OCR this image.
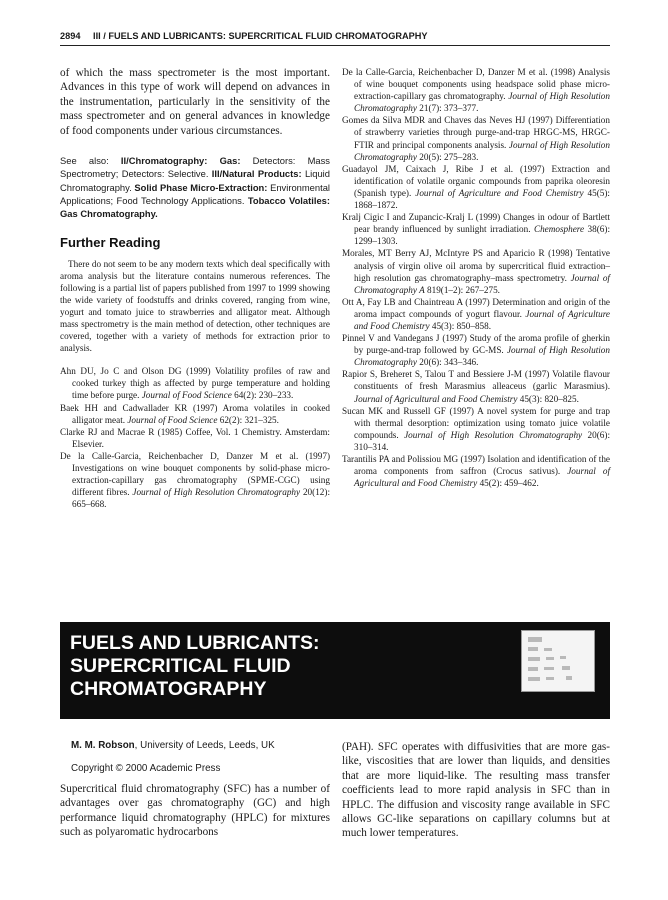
2894 III / FUELS AND LUBRICANTS: SUPERCRITICAL FLUID CHROMATOGRAPHY

of which the mass spectrometer is the most important. Advances in this type of work will depend on advances in the instrumentation, particularly in the sensitivity of the mass spectrometer and on general advances in knowledge of food components under various circumstances.

See also: II/Chromatography: Gas: Detectors: Mass Spectrometry; Detectors: Selective. III/Natural Products: Liquid Chromatography. Solid Phase Micro-Extraction: Environmental Applications; Food Technology Applications. Tobacco Volatiles: Gas Chromatography.
Further Reading

There do not seem to be any modern texts which deal specifically with aroma analysis but the literature contains numerous references. The following is a partial list of papers published from 1997 to 1999 showing the wide variety of foodstuffs and drinks covered, ranging from wine, yogurt and tomato juice to strawberries and alligator meat. Although mass spectrometry is the main method of detection, other techniques are covered, together with a variety of methods for extraction prior to analysis.

Ahn DU, Jo C and Olson DG (1999) Volatility profiles of raw and cooked turkey thigh as affected by purge temperature and holding time before purge. Journal of Food Science 64(2): 230–233.
Baek HH and Cadwallader KR (1997) Aroma volatiles in cooked alligator meat. Journal of Food Science 62(2): 321–325.
Clarke RJ and Macrae R (1985) Coffee, Vol. 1 Chemistry. Amsterdam: Elsevier.
De la Calle-Garcia, Reichenbacher D, Danzer M et al. (1997) Investigations on wine bouquet components by solid-phase micro-extraction-capillary gas chromatography (SPME-CGC) using different fibres. Journal of High Resolution Chromatography 20(12): 665–668.
De la Calle-Garcia, Reichenbacher D, Danzer M et al. (1998) Analysis of wine bouquet components using headspace solid phase micro-extraction-capillary gas chromatography. Journal of High Resolution Chromatography 21(7): 373–377.
Gomes da Silva MDR and Chaves das Neves HJ (1997) Differentiation of strawberry varieties through purge-and-trap HRGC-MS, HRGC-FTIR and principal components analysis. Journal of High Resolution Chromatography 20(5): 275–283.
Guadayol JM, Caixach J, Ribe J et al. (1997) Extraction and identification of volatile organic compounds from paprika oleoresin (Spanish type). Journal of Agriculture and Food Chemistry 45(5): 1868–1872.
Kralj Cigic I and Zupancic-Kralj L (1999) Changes in odour of Bartlett pear brandy influenced by sunlight irradiation. Chemosphere 38(6): 1299–1303.
Morales, MT Berry AJ, McIntyre PS and Aparicio R (1998) Tentative analysis of virgin olive oil aroma by supercritical fluid extraction–high resolution gas chromatography–mass spectrometry. Journal of Chromatography A 819(1–2): 267–275.
Ott A, Fay LB and Chaintreau A (1997) Determination and origin of the aroma impact compounds of yogurt flavour. Journal of Agriculture and Food Chemistry 45(3): 850–858.
Pinnel V and Vandegans J (1997) Study of the aroma profile of gherkin by purge-and-trap followed by GC-MS. Journal of High Resolution Chromatography 20(6): 343–346.
Rapior S, Breheret S, Talou T and Bessiere J-M (1997) Volatile flavour constituents of fresh Marasmius alleaceus (garlic Marasmius). Journal of Agricultural and Food Chemistry 45(3): 820–825.
Sucan MK and Russell GF (1997) A novel system for purge and trap with thermal desorption: optimization using tomato juice volatile compounds. Journal of High Resolution Chromatography 20(6): 310–314.
Tarantilis PA and Polissiou MG (1997) Isolation and identification of the aroma components from saffron (Crocus sativus). Journal of Agricultural and Food Chemistry 45(2): 459–462.
FUELS AND LUBRICANTS:
SUPERCRITICAL FLUID
CHROMATOGRAPHY

M. M. Robson, University of Leeds, Leeds, UK

Copyright © 2000 Academic Press

Supercritical fluid chromatography (SFC) has a number of advantages over gas chromatography (GC) and high performance liquid chromatography (HPLC) for mixtures such as polyaromatic hydrocarbons

(PAH). SFC operates with diffusivities that are more gas-like, viscosities that are lower than liquids, and densities that are more liquid-like. The resulting mass transfer coefficients lead to more rapid analysis in SFC than in HPLC. The diffusion and viscosity range available in SFC allows GC-like separations on capillary columns but at much lower temperatures.
